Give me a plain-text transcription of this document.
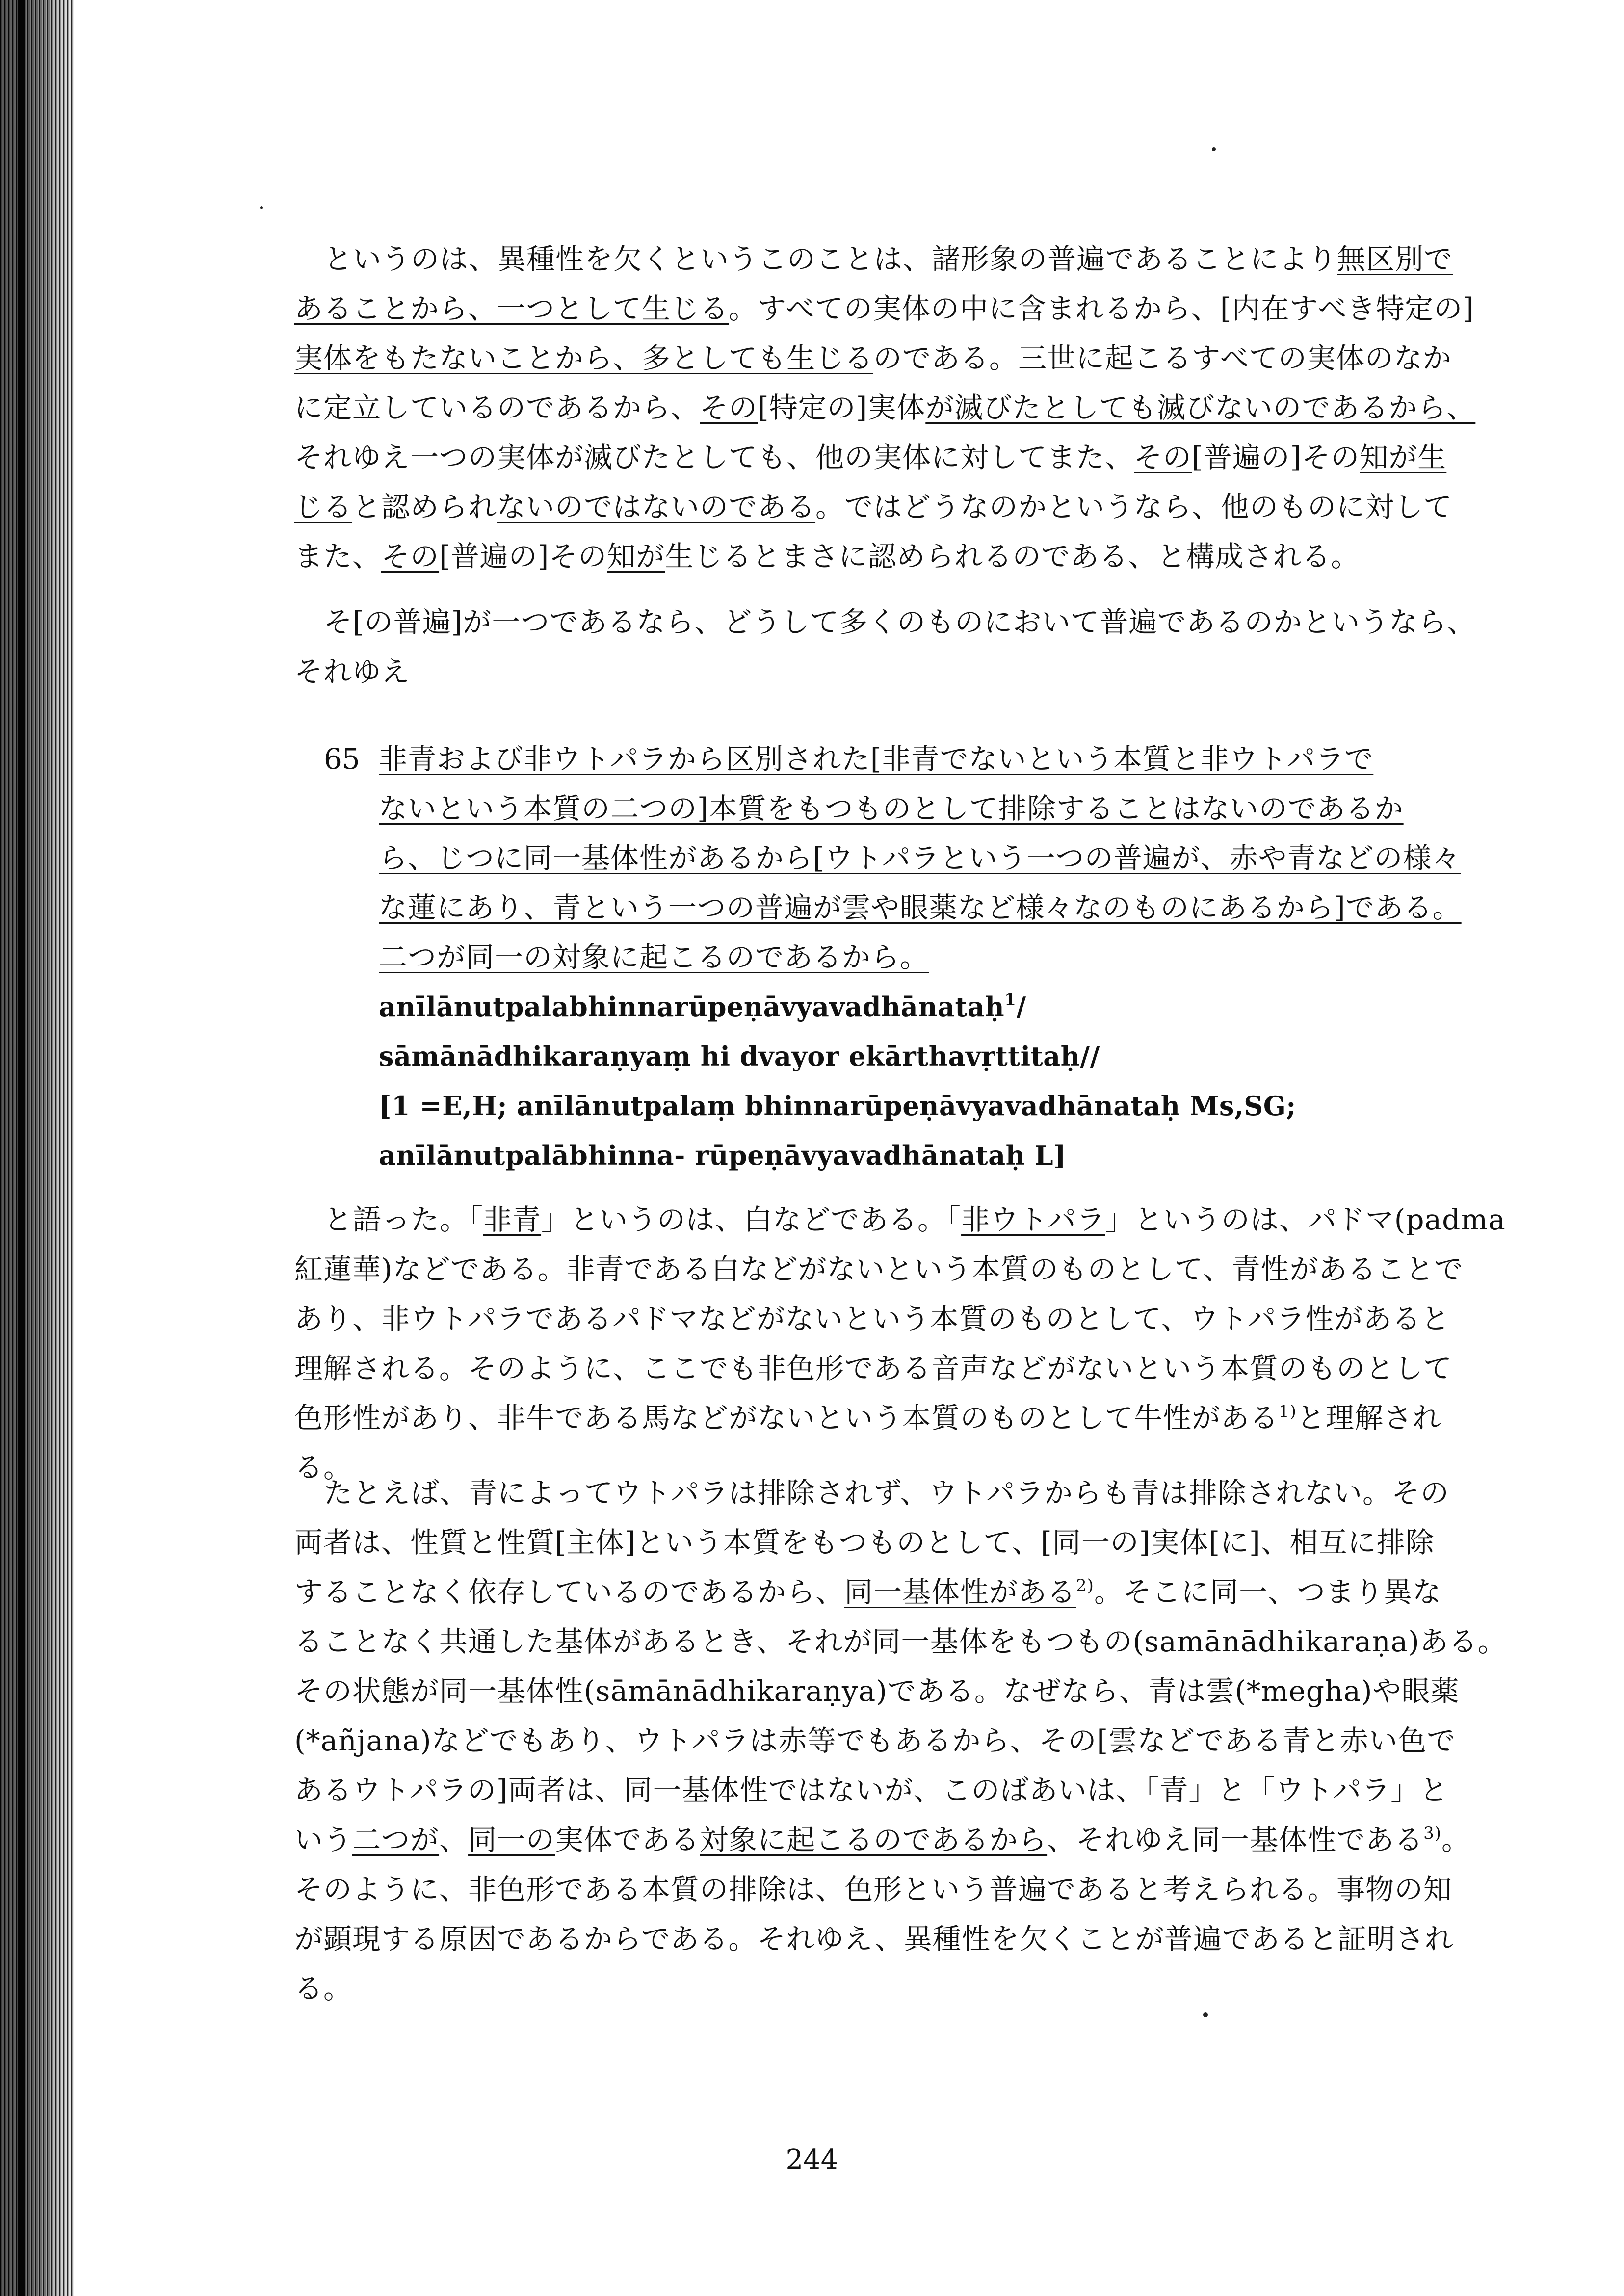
というのは、異種性を欠くというこのことは、諸形象の普遍であることにより無区別で
あることから、一つとして生じる。すべての実体の中に含まれるから、[内在すべき特定の]
実体をもたないことから、多としても生じるのである。三世に起こるすべての実体のなか
に定立しているのであるから、その[特定の]実体が滅びたとしても滅びないのであるから、
それゆえ一つの実体が滅びたとしても、他の実体に対してまた、その[普遍の]その知が生
じると認められないのではないのである。ではどうなのかというなら、他のものに対して
また、その[普遍の]その知が生じるとまさに認められるのである、と構成される。

そ[の普遍]が一つであるなら、どうして多くのものにおいて普遍であるのかというなら、
それゆえ

65 非青および非ウトパラから区別された[非青でないという本質と非ウトパラで
ないという本質の二つの]本質をもつものとして排除することはないのであるか
ら、じつに同一基体性があるから[ウトパラという一つの普遍が、赤や青などの様々
な蓮にあり、青という一つの普遍が雲や眼薬など様々なのものにあるから]である。
二つが同一の対象に起こるのであるから。
anīlānutpalabhinnarūpeṇāvyavadhānataḥ$^1$/
sāmānādhikaraṇyaṃ hi dvayor ekārthavṛttitaḥ//
[1 =E,H; anīlānutpalaṃ bhinnarūpeṇāvyavadhānataḥ Ms,SG;
anīlānutpalābhinna- rūpeṇāvyavadhānataḥ L]

と語った。「非青」というのは、白などである。「非ウトパラ」というのは、パドマ(padma
紅蓮華)などである。非青である白などがないという本質のものとして、青性があることで
あり、非ウトパラであるパドマなどがないという本質のものとして、ウトパラ性があると
理解される。そのように、ここでも非色形である音声などがないという本質のものとして
色形性があり、非牛である馬などがないという本質のものとして牛性がある$^{1)}$と理解され
る。

たとえば、青によってウトパラは排除されず、ウトパラからも青は排除されない。その
両者は、性質と性質[主体]という本質をもつものとして、[同一の]実体[に]、相互に排除
することなく依存しているのであるから、同一基体性がある$^{2)}$。そこに同一、つまり異な
ることなく共通した基体があるとき、それが同一基体をもつもの(samānādhikaraṇa)ある。
その状態が同一基体性(sāmānādhikaraṇya)である。なぜなら、青は雲(*megha)や眼薬
(*añjana)などでもあり、ウトパラは赤等でもあるから、その[雲などである青と赤い色で
あるウトパラの]両者は、同一基体性ではないが、このばあいは、「青」と「ウトパラ」と
いう二つが、同一の実体である対象に起こるのであるから、それゆえ同一基体性である$^{3)}$。
そのように、非色形である本質の排除は、色形という普遍であると考えられる。事物の知
が顕現する原因であるからである。それゆえ、異種性を欠くことが普遍であると証明され
る。

244
